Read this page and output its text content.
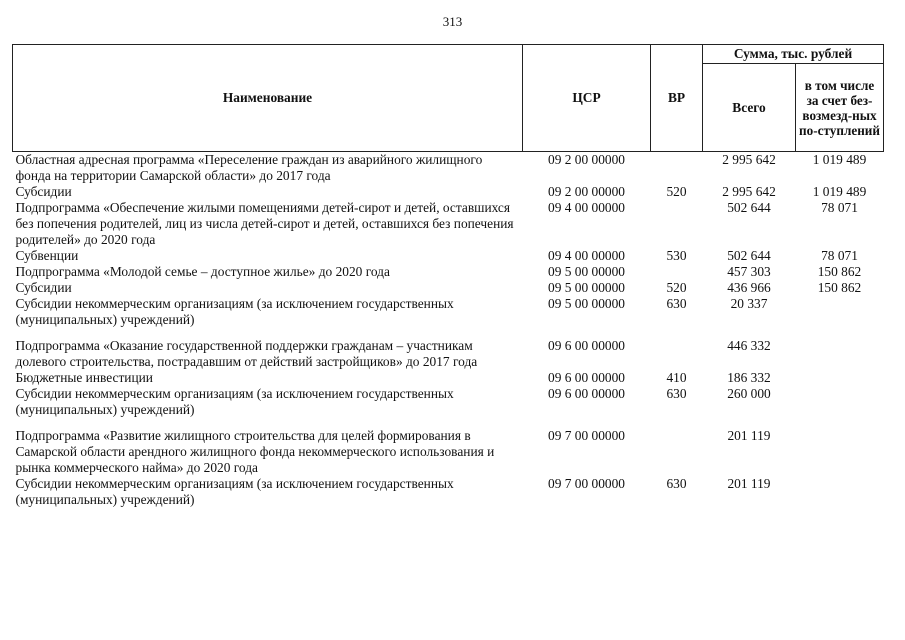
313
Наименование	ЦСР	ВР	Сумма, тыс. рублей	
			Всего	в том числе за счет без-возмезд-ных по-ступлений
Областная адресная программа «Переселение граждан из аварийного жилищного фонда на территории Самарской области» до 2017 года	09 2 00 00000		2 995 642	1 019 489
Субсидии	09 2 00 00000	520	2 995 642	1 019 489
Подпрограмма «Обеспечение жилыми помещениями детей-сирот и детей, оставшихся без попечения родителей, лиц из числа детей-сирот и детей, оставшихся без попечения родителей» до 2020 года	09 4 00 00000		502 644	78 071
Субвенции	09 4 00 00000	530	502 644	78 071
Подпрограмма «Молодой семье – доступное жилье» до 2020 года	09 5 00 00000		457 303	150 862
Субсидии	09 5 00 00000	520	436 966	150 862
Субсидии некоммерческим организациям (за исключением государственных (муниципальных) учреждений)	09 5 00 00000	630	20 337	

Подпрограмма «Оказание государственной поддержки гражданам – участникам долевого строительства, пострадавшим от действий застройщиков» до 2017 года	09 6 00 00000		446 332	
Бюджетные инвестиции	09 6 00 00000	410	186 332	
Субсидии некоммерческим организациям (за исключением государственных (муниципальных) учреждений)	09 6 00 00000	630	260 000	

Подпрограмма «Развитие жилищного строительства для целей формирования в Самарской области арендного жилищного фонда некоммерческого использования и рынка коммерческого найма» до 2020 года	09 7 00 00000		201 119	
Субсидии некоммерческим организациям (за исключением государственных (муниципальных) учреждений)	09 7 00 00000	630	201 119	
